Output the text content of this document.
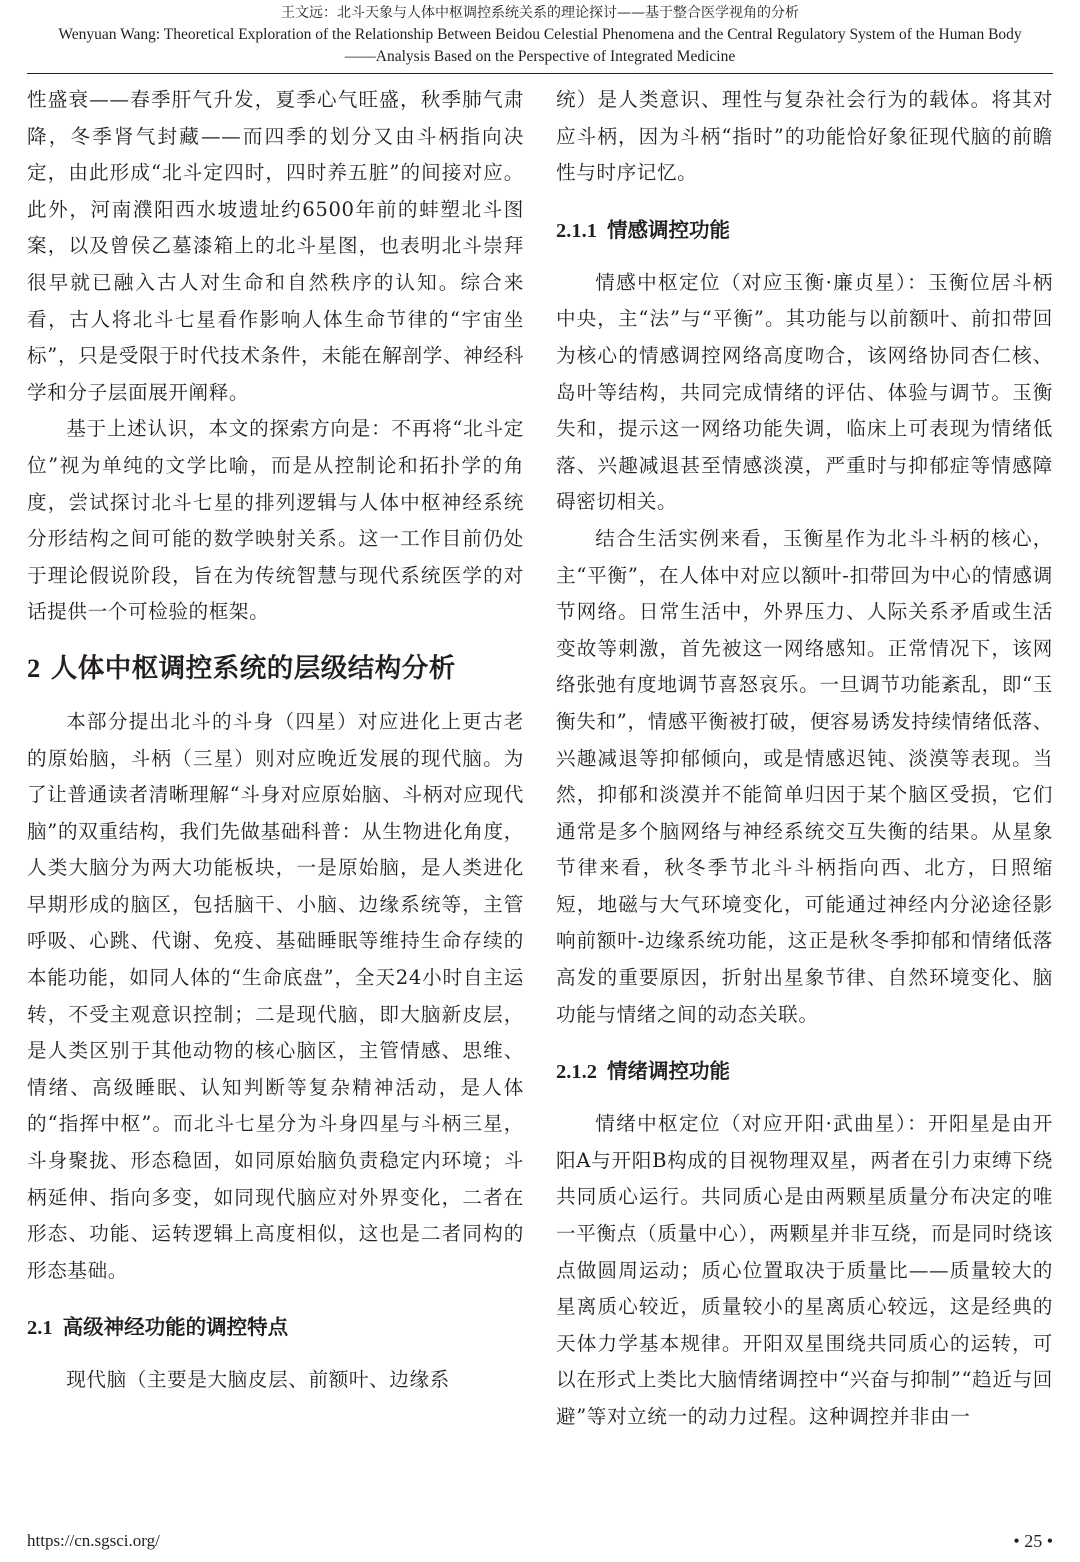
王文远：北斗天象与人体中枢调控系统关系的理论探讨——基于整合医学视角的分析
Wenyuan Wang: Theoretical Exploration of the Relationship Between Beidou Celestial Phenomena and the Central Regulatory System of the Human Body
——Analysis Based on the Perspective of Integrated Medicine

性盛衰——春季肝气升发，夏季心气旺盛，秋季肺气肃降，冬季肾气封藏——而四季的划分又由斗柄指向决定，由此形成“北斗定四时，四时养五脏”的间接对应。此外，河南濮阳西水坡遗址约6500年前的蚌塑北斗图案，以及曾侯乙墓漆箱上的北斗星图，也表明北斗崇拜很早就已融入古人对生命和自然秩序的认知。综合来看，古人将北斗七星看作影响人体生命节律的“宇宙坐标”，只是受限于时代技术条件，未能在解剖学、神经科学和分子层面展开阐释。

基于上述认识，本文的探索方向是：不再将“北斗定位”视为单纯的文学比喻，而是从控制论和拓扑学的角度，尝试探讨北斗七星的排列逻辑与人体中枢神经系统分形结构之间可能的数学映射关系。这一工作目前仍处于理论假说阶段，旨在为传统智慧与现代系统医学的对话提供一个可检验的框架。

2 人体中枢调控系统的层级结构分析

本部分提出北斗的斗身（四星）对应进化上更古老的原始脑，斗柄（三星）则对应晚近发展的现代脑。为了让普通读者清晰理解“斗身对应原始脑、斗柄对应现代脑”的双重结构，我们先做基础科普：从生物进化角度，人类大脑分为两大功能板块，一是原始脑，是人类进化早期形成的脑区，包括脑干、小脑、边缘系统等，主管呼吸、心跳、代谢、免疫、基础睡眠等维持生命存续的本能功能，如同人体的“生命底盘”，全天24小时自主运转，不受主观意识控制；二是现代脑，即大脑新皮层，是人类区别于其他动物的核心脑区，主管情感、思维、情绪、高级睡眠、认知判断等复杂精神活动，是人体的“指挥中枢”。而北斗七星分为斗身四星与斗柄三星，斗身聚拢、形态稳固，如同原始脑负责稳定内环境；斗柄延伸、指向多变，如同现代脑应对外界变化，二者在形态、功能、运转逻辑上高度相似，这也是二者同构的形态基础。

2.1 高级神经功能的调控特点

现代脑（主要是大脑皮层、前额叶、边缘系

统）是人类意识、理性与复杂社会行为的载体。将其对应斗柄，因为斗柄“指时”的功能恰好象征现代脑的前瞻性与时序记忆。

2.1.1 情感调控功能

情感中枢定位（对应玉衡·廉贞星）：玉衡位居斗柄中央，主“法”与“平衡”。其功能与以前额叶、前扣带回为核心的情感调控网络高度吻合，该网络协同杏仁核、岛叶等结构，共同完成情绪的评估、体验与调节。玉衡失和，提示这一网络功能失调，临床上可表现为情绪低落、兴趣减退甚至情感淡漠，严重时与抑郁症等情感障碍密切相关。

结合生活实例来看，玉衡星作为北斗斗柄的核心，主“平衡”，在人体中对应以额叶-扣带回为中心的情感调节网络。日常生活中，外界压力、人际关系矛盾或生活变故等刺激，首先被这一网络感知。正常情况下，该网络张弛有度地调节喜怒哀乐。一旦调节功能紊乱，即“玉衡失和”，情感平衡被打破，便容易诱发持续情绪低落、兴趣减退等抑郁倾向，或是情感迟钝、淡漠等表现。当然，抑郁和淡漠并不能简单归因于某个脑区受损，它们通常是多个脑网络与神经系统交互失衡的结果。从星象节律来看，秋冬季节北斗斗柄指向西、北方，日照缩短，地磁与大气环境变化，可能通过神经内分泌途径影响前额叶-边缘系统功能，这正是秋冬季抑郁和情绪低落高发的重要原因，折射出星象节律、自然环境变化、脑功能与情绪之间的动态关联。

2.1.2 情绪调控功能

情绪中枢定位（对应开阳·武曲星）：开阳星是由开阳A与开阳B构成的目视物理双星，两者在引力束缚下绕共同质心运行。共同质心是由两颗星质量分布决定的唯一平衡点（质量中心），两颗星并非互绕，而是同时绕该点做圆周运动；质心位置取决于质量比——质量较大的星离质心较近，质量较小的星离质心较远，这是经典的天体力学基本规律。开阳双星围绕共同质心的运转，可以在形式上类比大脑情绪调控中“兴奋与抑制”“趋近与回避”等对立统一的动力过程。这种调控并非由一

https://cn.sgsci.org/	• 25 •
